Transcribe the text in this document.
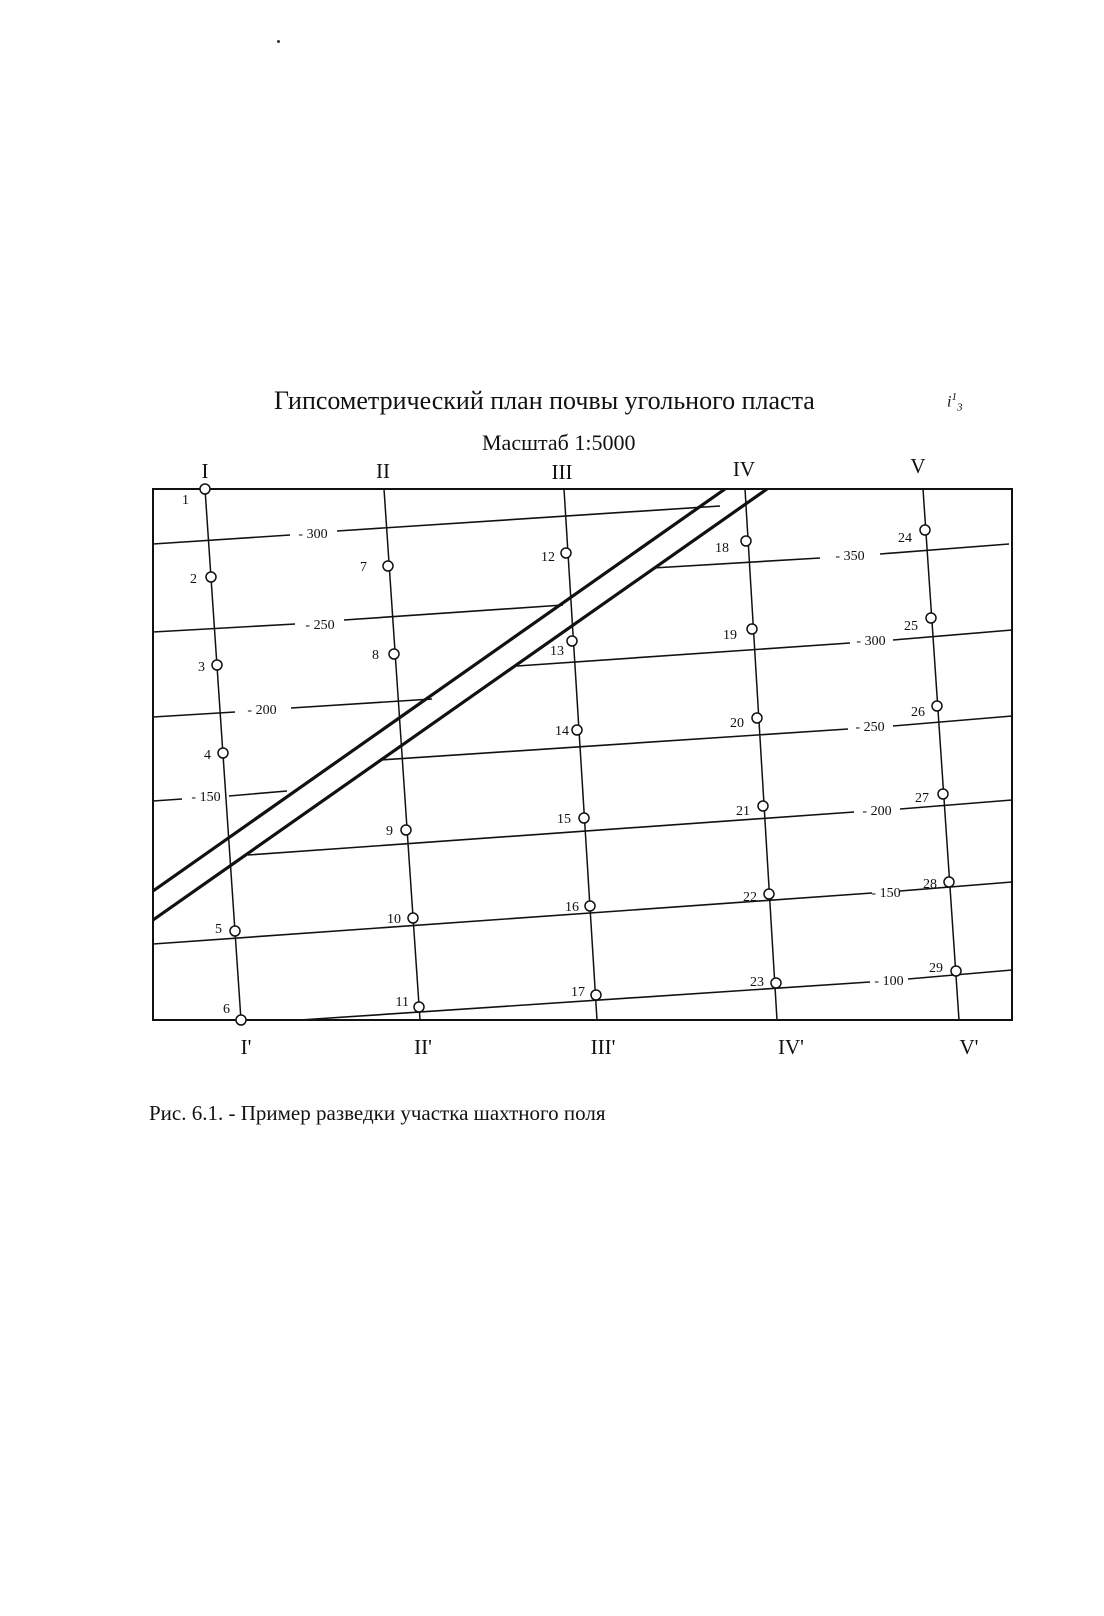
Гипсометрический план почвы угольного пласта	$i^1_3$
Масштаб 1:5000
1
2
3
4
5
6
7
8
9
10
11
12
13
14
15
16
17
18
19
20
21
22
23
24
25
26
27
28
29
- 300
- 250
- 200
- 150
- 350
- 300
- 250
- 200
- 150
- 100
I	II	III	IV	V
I'	II'	III'	IV'	V'
Рис. 6.1. - Пример разведки участка шахтного поля
